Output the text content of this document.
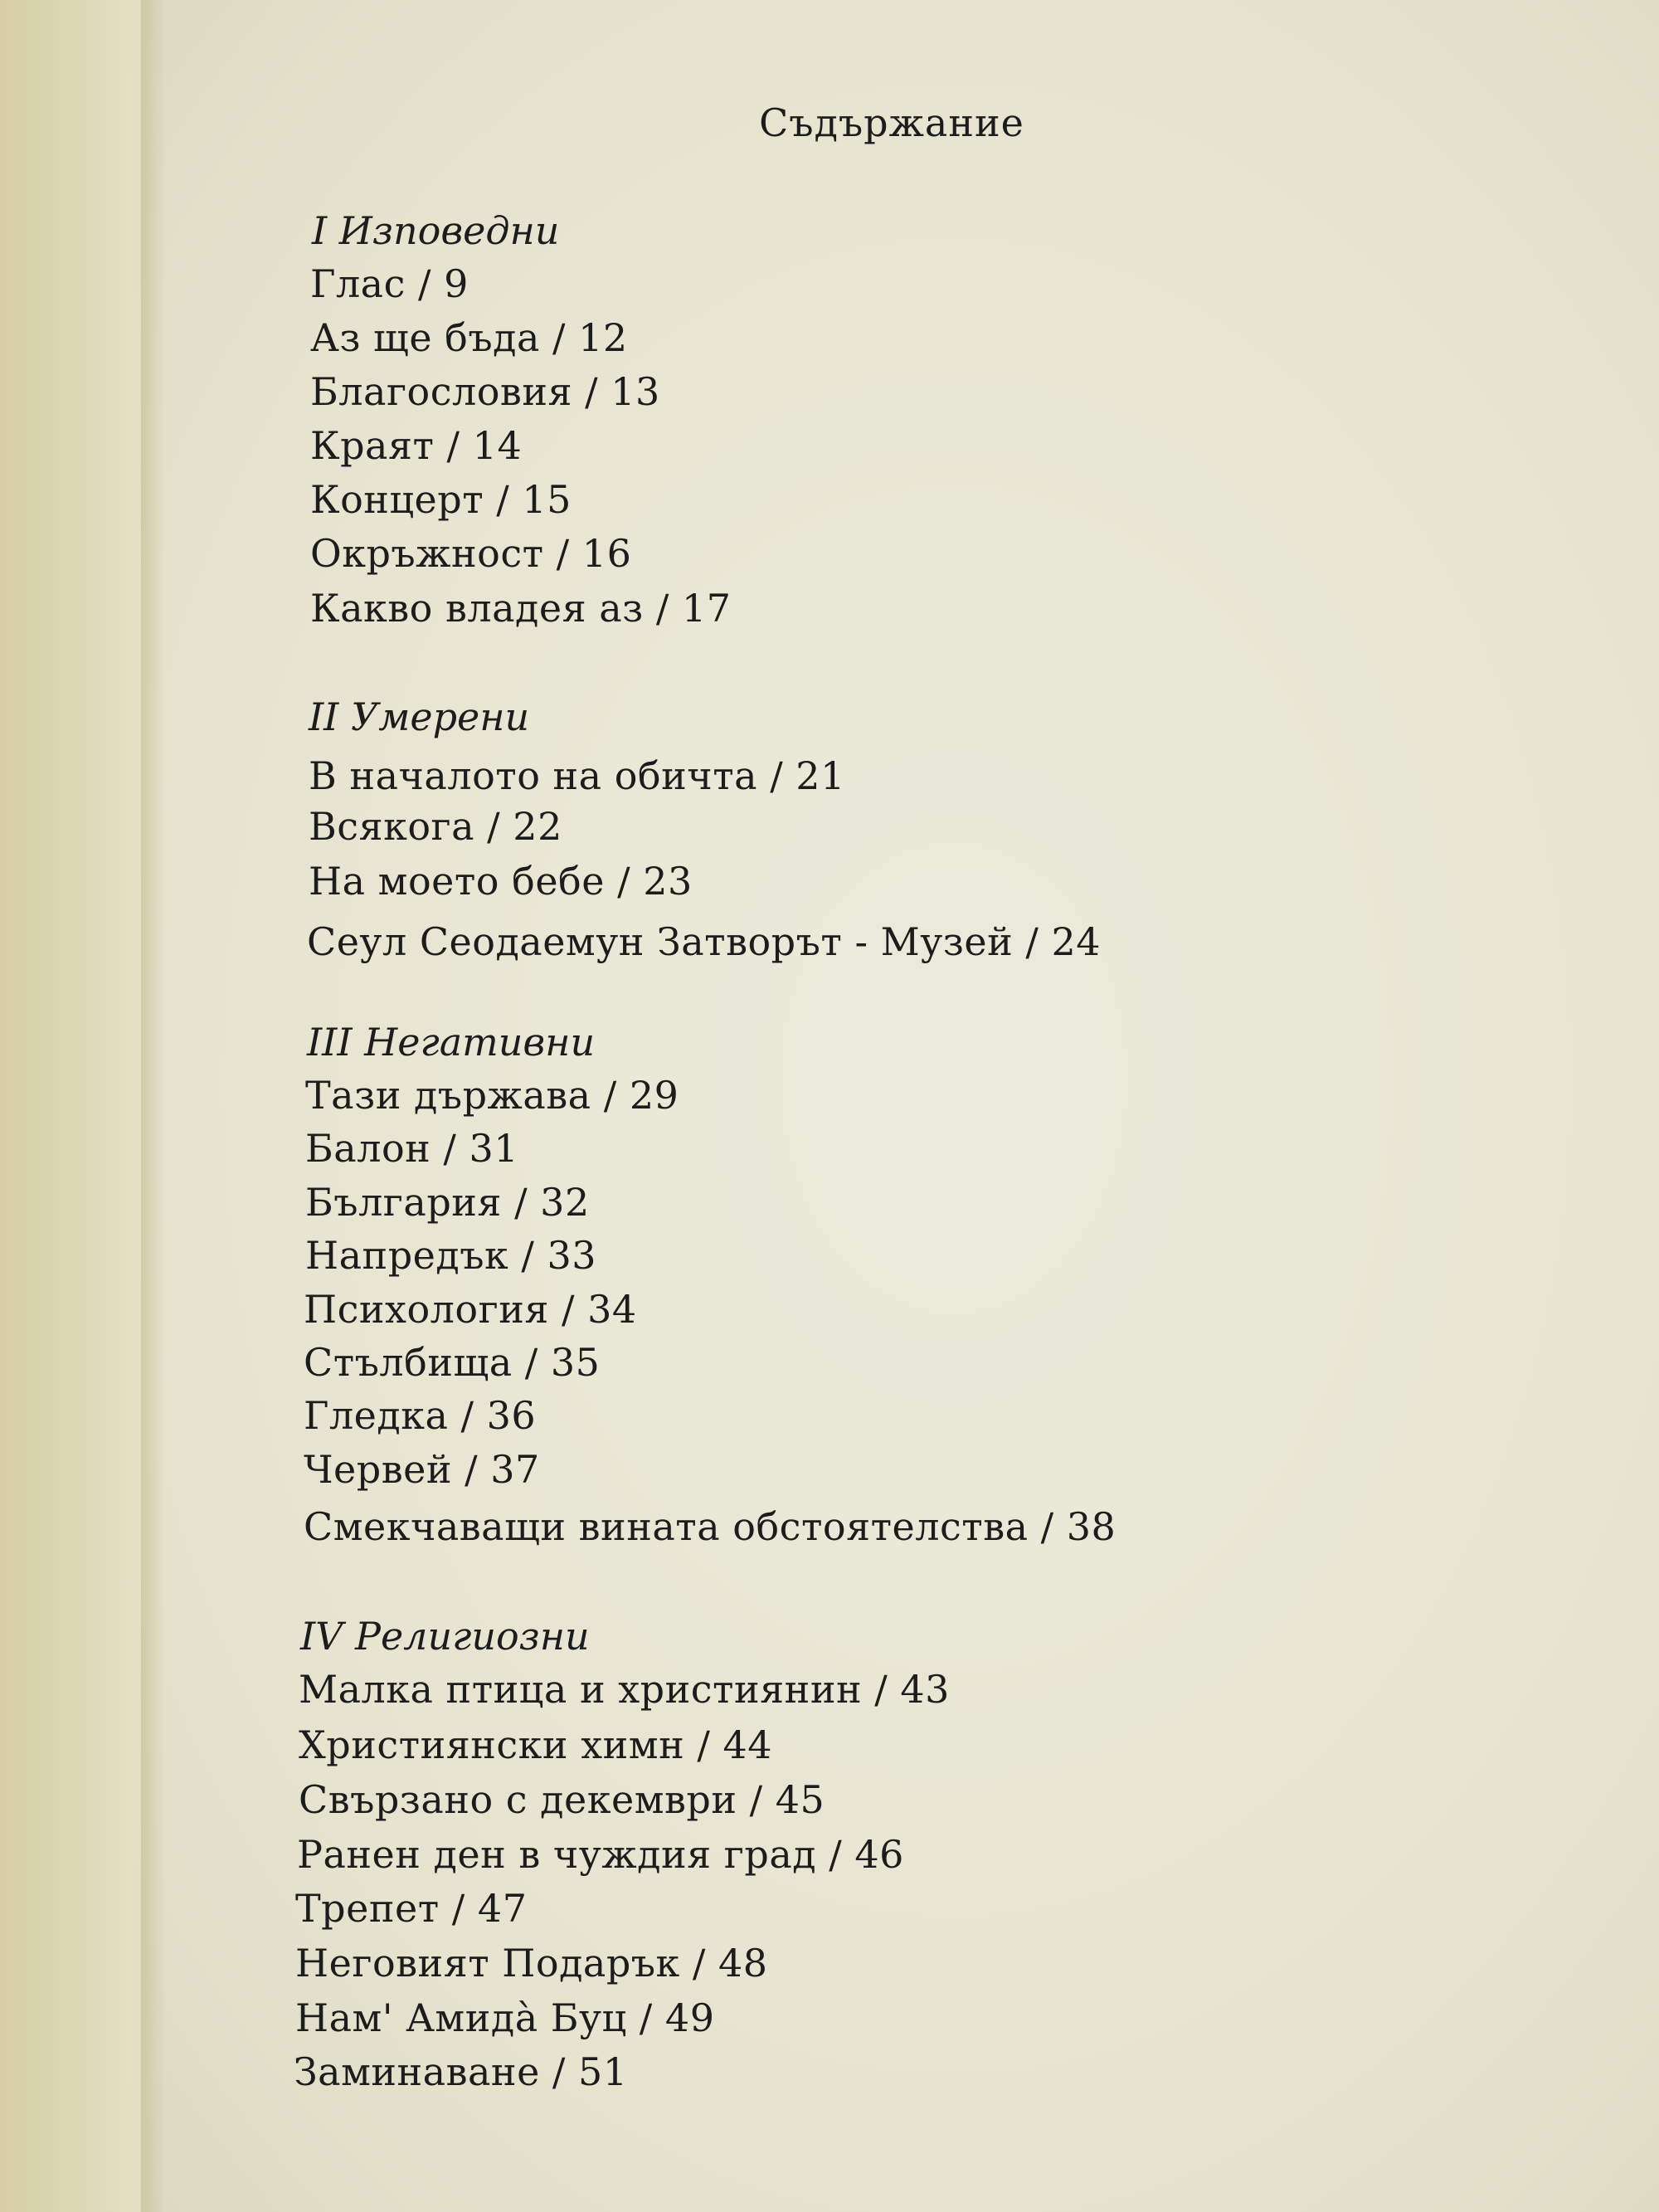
Съдържание
I Изповедни
Глас / 9
Аз ще бъда / 12
Благословия / 13
Краят / 14
Концерт / 15
Окръжност / 16
Какво владея аз / 17
II Умерени
В началото на обичта / 21
Всякога / 22
На моето бебе / 23
Сеул Сеодаемун Затворът - Музей / 24
III Негативни
Тази държава / 29
Балон / 31
България / 32
Напредък / 33
Психология / 34
Стълбища / 35
Гледка / 36
Червей / 37
Смекчаващи вината обстоятелства / 38
IV Религиозни
Малка птица и християнин / 43
Християнски химн / 44
Свързано с декември / 45
Ранен ден в чуждия град / 46
Трепет / 47
Неговият Подарък / 48
Нам' Амидà Буц / 49
Заминаване / 51
